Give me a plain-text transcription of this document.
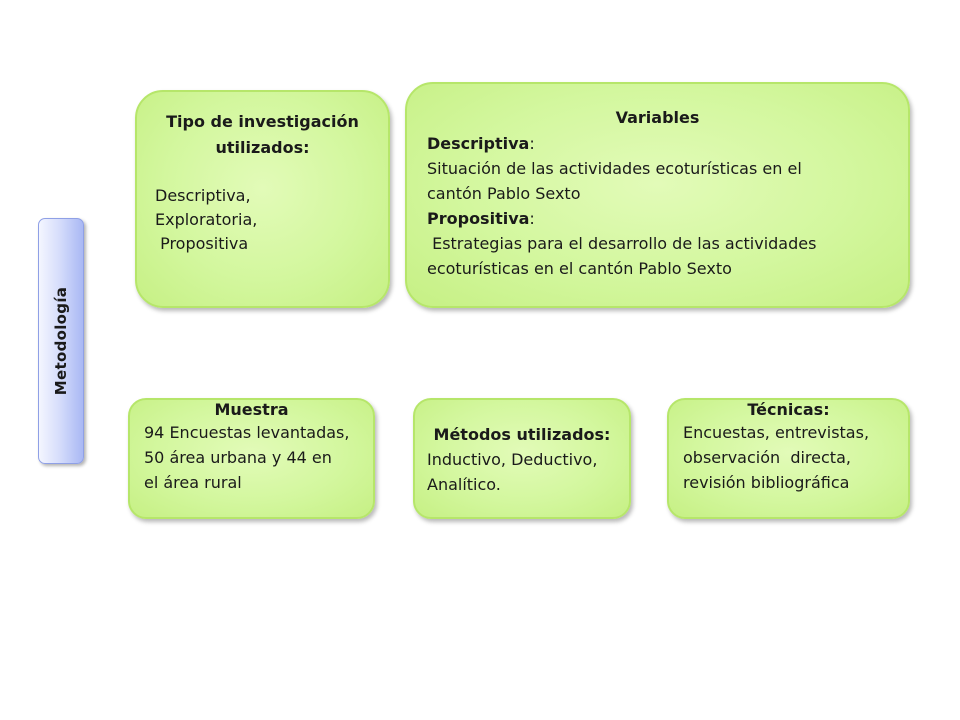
Metodología
Tipo de investigación
utilizados:
Descriptiva,
Exploratoria,
Propositiva
Variables
Descriptiva:
Situación de las actividades ecoturísticas en el
cantón Pablo Sexto
Propositiva:
Estrategias para el desarrollo de las actividades
ecoturísticas en el cantón Pablo Sexto
Muestra
94 Encuestas levantadas,
50 área urbana y 44 en
el área rural
Métodos utilizados:
Inductivo, Deductivo,
Analítico.
Técnicas:
Encuestas, entrevistas,
observación  directa,
revisión bibliográfica
